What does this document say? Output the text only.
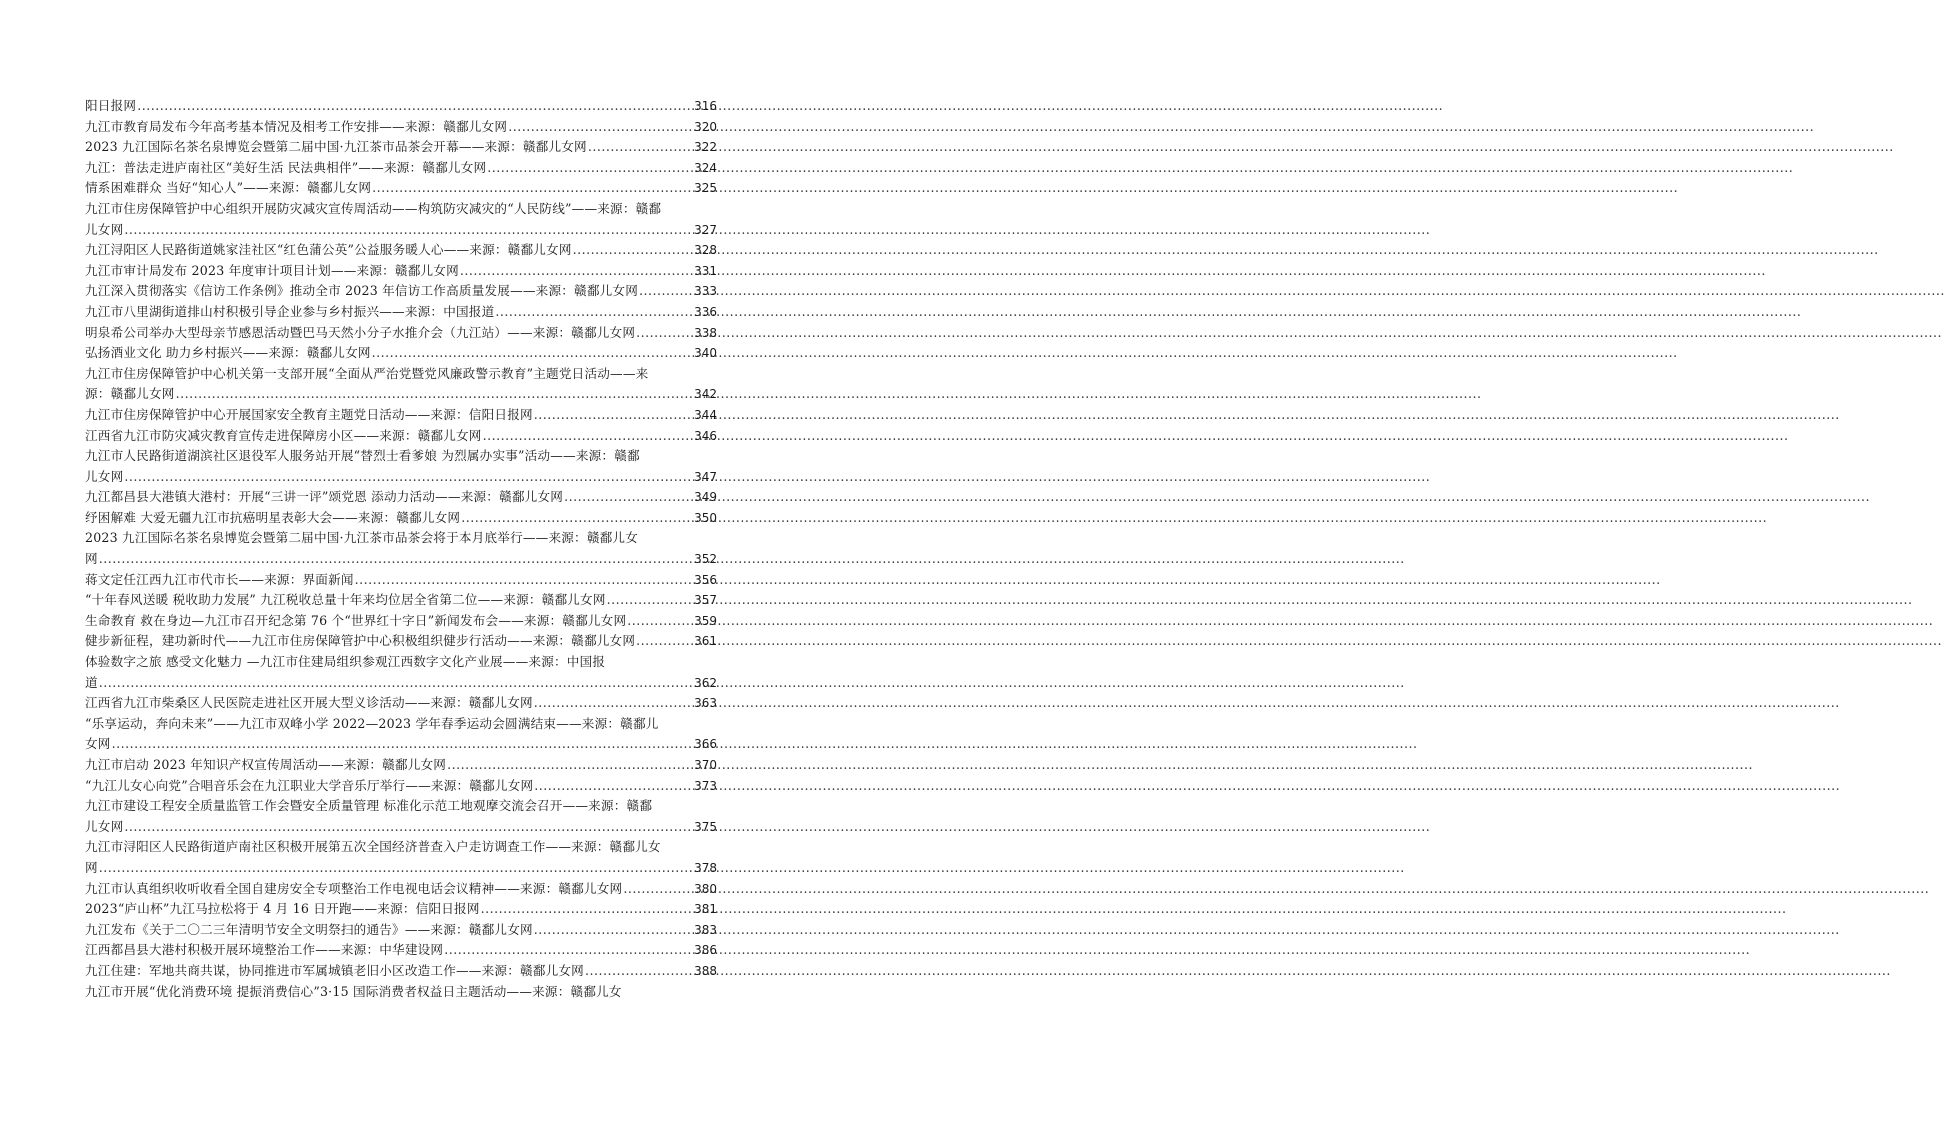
阳日报网 .....	316
九江市教育局发布今年高考基本情况及相考工作安排——来源：赣鄱儿女网 .....	320
2023 九江国际名茶名泉博览会暨第二届中国·九江茶市品茶会开幕——来源：赣鄱儿女网 .....	322
九江：普法走进庐南社区“美好生活 民法典相伴”——来源：赣鄱儿女网 .....	324
情系困难群众 当好“知心人”——来源：赣鄱儿女网 .....	325
九江市住房保障管护中心组织开展防灾减灾宣传周活动——构筑防灾减灾的“人民防线”——来源：赣鄱
儿女网 .....	327
九江浔阳区人民路街道姚家洼社区“红色蒲公英”公益服务暖人心——来源：赣鄱儿女网 .....	328
九江市审计局发布 2023 年度审计项目计划——来源：赣鄱儿女网 .....	331
九江深入贯彻落实《信访工作条例》推动全市 2023 年信访工作高质量发展——来源：赣鄱儿女网 .....	333
九江市八里湖街道排山村积极引导企业参与乡村振兴——来源：中国报道 .....	336
明泉希公司举办大型母亲节感恩活动暨巴马天然小分子水推介会（九江站）——来源：赣鄱儿女网 .....	338
弘扬酒业文化 助力乡村振兴——来源：赣鄱儿女网 .....	340
九江市住房保障管护中心机关第一支部开展“全面从严治党暨党风廉政警示教育”主题党日活动——来
源：赣鄱儿女网 .....	342
九江市住房保障管护中心开展国家安全教育主题党日活动——来源：信阳日报网 .....	344
江西省九江市防灾减灾教育宣传走进保障房小区——来源：赣鄱儿女网 .....	346
九江市人民路街道湖滨社区退役军人服务站开展“替烈士看爹娘 为烈属办实事”活动——来源：赣鄱
儿女网 .....	347
九江都昌县大港镇大港村：开展“三讲一评”颂党恩 添动力活动——来源：赣鄱儿女网 .....	349
纾困解难 大爱无疆九江市抗癌明星表彰大会——来源：赣鄱儿女网 .....	350
2023 九江国际名茶名泉博览会暨第二届中国·九江茶市品茶会将于本月底举行——来源：赣鄱儿女
网 .....	352
蒋文定任江西九江市代市长——来源：界面新闻 .....	356
“十年春风送暖 税收助力发展” 九江税收总量十年来均位居全省第二位——来源：赣鄱儿女网 .....	357
生命教育 救在身边—九江市召开纪念第 76 个“世界红十字日”新闻发布会——来源：赣鄱儿女网 .....	359
健步新征程，建功新时代——九江市住房保障管护中心积极组织健步行活动——来源：赣鄱儿女网 .....	361
体验数字之旅 感受文化魅力 —九江市住建局组织参观江西数字文化产业展——来源：中国报
道 .....	362
江西省九江市柴桑区人民医院走进社区开展大型义诊活动——来源：赣鄱儿女网 .....	363
“乐享运动，奔向未来”——九江市双峰小学 2022—2023 学年春季运动会圆满结束——来源：赣鄱儿
女网 .....	366
九江市启动 2023 年知识产权宣传周活动——来源：赣鄱儿女网 .....	370
“九江儿女心向党”合唱音乐会在九江职业大学音乐厅举行——来源：赣鄱儿女网 .....	373
九江市建设工程安全质量监管工作会暨安全质量管理 标准化示范工地观摩交流会召开——来源：赣鄱
儿女网 .....	375
九江市浔阳区人民路街道庐南社区积极开展第五次全国经济普查入户走访调查工作——来源：赣鄱儿女
网 .....	378
九江市认真组织收听收看全国自建房安全专项整治工作电视电话会议精神——来源：赣鄱儿女网 .....	380
2023“庐山杯”九江马拉松将于 4 月 16 日开跑——来源：信阳日报网 .....	381
九江发布《关于二〇二三年清明节安全文明祭扫的通告》——来源：赣鄱儿女网 .....	383
江西都昌县大港村积极开展环境整治工作——来源：中华建设网 .....	386
九江住建：军地共商共谋，协同推进市军属城镇老旧小区改造工作——来源：赣鄱儿女网 .....	388
九江市开展“优化消费环境 提振消费信心”3·15 国际消费者权益日主题活动——来源：赣鄱儿女
